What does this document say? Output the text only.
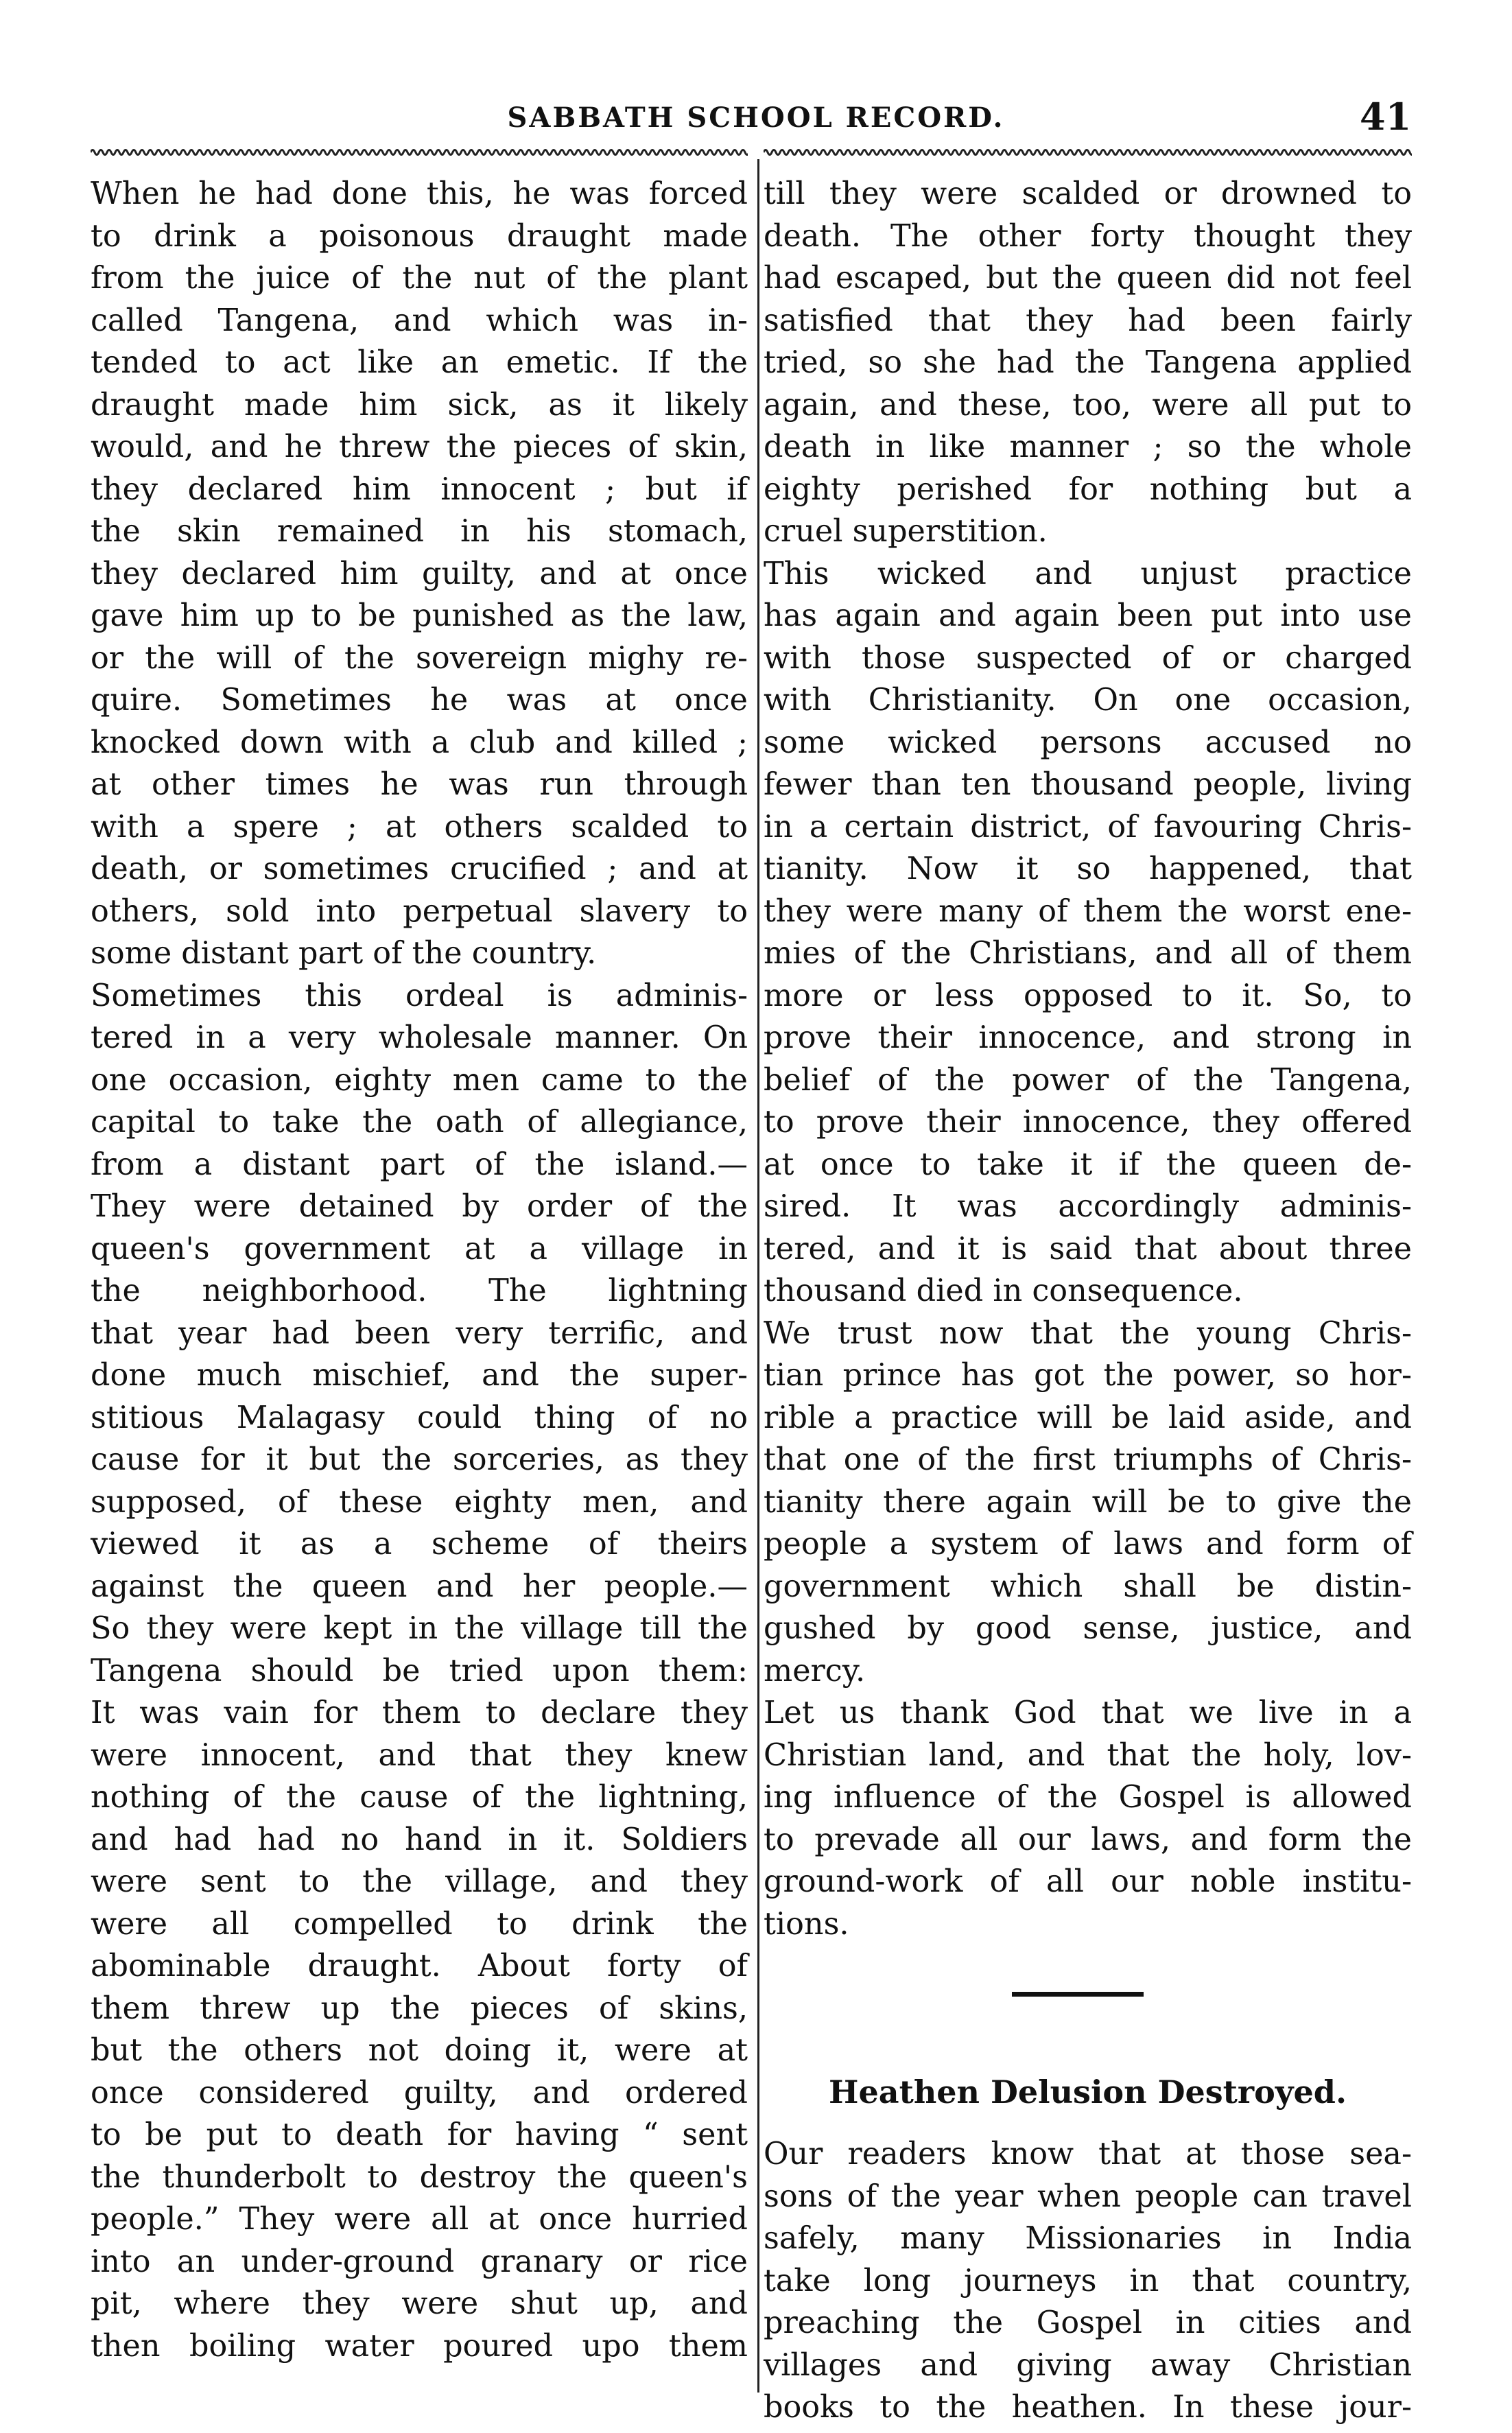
SABBATH SCHOOL RECORD.	41
When he had done this, he was forced
to drink a poisonous draught made
from the juice of the nut of the plant
called Tangena, and which was in-
tended to act like an emetic. If the
draught made him sick, as it likely
would, and he threw the pieces of skin,
they declared him innocent ; but if
the skin remained in his stomach,
they declared him guilty, and at once
gave him up to be punished as the law,
or the will of the sovereign mighy re-
quire. Sometimes he was at once
knocked down with a club and killed ;
at other times he was run through
with a spere ; at others scalded to
death, or sometimes crucified ; and at
others, sold into perpetual slavery to
some distant part of the country.
Sometimes this ordeal is adminis-
tered in a very wholesale manner. On
one occasion, eighty men came to the
capital to take the oath of allegiance,
from a distant part of the island.—
They were detained by order of the
queen's government at a village in
the neighborhood. The lightning
that year had been very terrific, and
done much mischief, and the super-
stitious Malagasy could thing of no
cause for it but the sorceries, as they
supposed, of these eighty men, and
viewed it as a scheme of theirs
against the queen and her people.—
So they were kept in the village till the
Tangena should be tried upon them:
It was vain for them to declare they
were innocent, and that they knew
nothing of the cause of the lightning,
and had had no hand in it. Soldiers
were sent to the village, and they
were all compelled to drink the
abominable draught. About forty of
them threw up the pieces of skins,
but the others not doing it, were at
once considered guilty, and ordered
to be put to death for having “ sent
the thunderbolt to destroy the queen's
people.” They were all at once hurried
into an under-ground granary or rice
pit, where they were shut up, and
then boiling water poured upo them
till they were scalded or drowned to
death. The other forty thought they
had escaped, but the queen did not feel
satisfied that they had been fairly
tried, so she had the Tangena applied
again, and these, too, were all put to
death in like manner ; so the whole
eighty perished for nothing but a
cruel superstition.
This wicked and unjust practice
has again and again been put into use
with those suspected of or charged
with Christianity. On one occasion,
some wicked persons accused no
fewer than ten thousand people, living
in a certain district, of favouring Chris-
tianity. Now it so happened, that
they were many of them the worst ene-
mies of the Christians, and all of them
more or less opposed to it. So, to
prove their innocence, and strong in
belief of the power of the Tangena,
to prove their innocence, they offered
at once to take it if the queen de-
sired. It was accordingly adminis-
tered, and it is said that about three
thousand died in consequence.
We trust now that the young Chris-
tian prince has got the power, so hor-
rible a practice will be laid aside, and
that one of the first triumphs of Chris-
tianity there again will be to give the
people a system of laws and form of
government which shall be distin-
gushed by good sense, justice, and
mercy.
Let us thank God that we live in a
Christian land, and that the holy, lov-
ing influence of the Gospel is allowed
to prevade all our laws, and form the
ground-work of all our noble institu-
tions.
Heathen Delusion Destroyed.
Our readers know that at those sea-
sons of the year when people can travel
safely, many Missionaries in India
take long journeys in that country,
preaching the Gospel in cities and
villages and giving away Christian
books to the heathen. In these jour-
